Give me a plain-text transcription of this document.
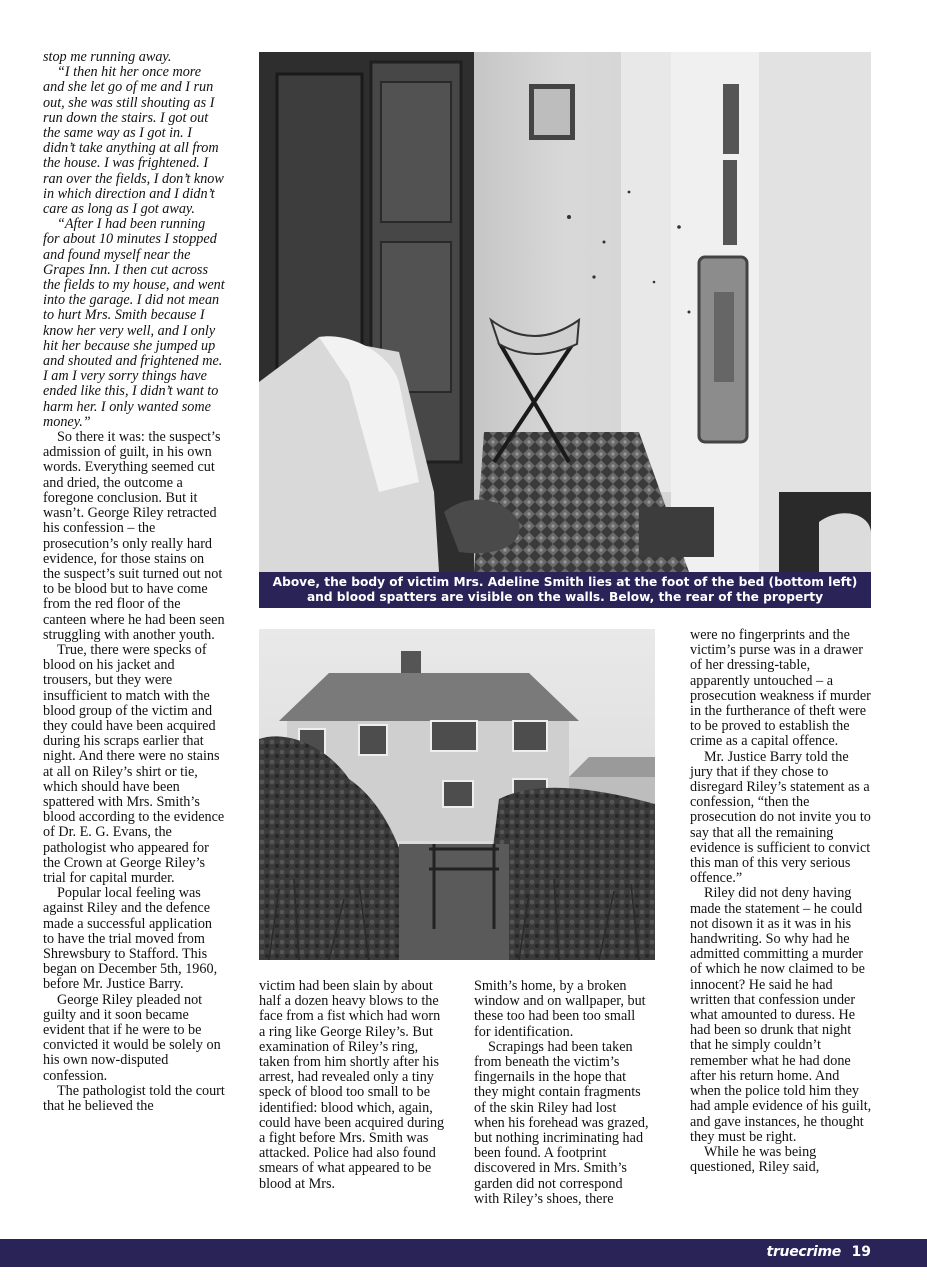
stop me running away.

“I then hit her once more and she let go of me and I run out, she was still shouting as I run down the stairs. I got out the same way as I got in. I didn’t take anything at all from the house. I was frightened. I ran over the fields, I don’t know in which direction and I didn’t care as long as I got away.

“After I had been running for about 10 minutes I stopped and found myself near the Grapes Inn. I then cut across the fields to my house, and went into the garage. I did not mean to hurt Mrs. Smith because I know her very well, and I only hit her because she jumped up and shouted and frightened me. I am I very sorry things have ended like this, I didn’t want to harm her. I only wanted some money.”

So there it was: the suspect’s admission of guilt, in his own words. Everything seemed cut and dried, the outcome a foregone conclusion. But it wasn’t. George Riley retracted his confession – the prosecution’s only really hard evidence, for those stains on the suspect’s suit turned out not to be blood but to have come from the red floor of the canteen where he had been seen struggling with another youth.

True, there were specks of blood on his jacket and trousers, but they were insufficient to match with the blood group of the victim and they could have been acquired during his scraps earlier that night. And there were no stains at all on Riley’s shirt or tie, which should have been spattered with Mrs. Smith’s blood according to the evidence of Dr. E. G. Evans, the pathologist who appeared for the Crown at George Riley’s trial for capital murder.

Popular local feeling was against Riley and the defence made a successful application to have the trial moved from Shrewsbury to Stafford. This began on December 5th, 1960, before Mr. Justice Barry.

George Riley pleaded not guilty and it soon became evident that if he were to be convicted it would be solely on his own now-disputed confession.

The pathologist told the court that he believed the

Above, the body of victim Mrs. Adeline Smith lies at the foot of the bed (bottom left)
and blood spatters are visible on the walls. Below, the rear of the property

victim had been slain by about half a dozen heavy blows to the face from a fist which had worn a ring like George Riley’s. But examination of Riley’s ring, taken from him shortly after his arrest, had revealed only a tiny speck of blood too small to be identified: blood which, again, could have been acquired during a fight before Mrs. Smith was attacked. Police had also found smears of what appeared to be blood at Mrs.

Smith’s home, by a broken window and on wallpaper, but these too had been too small for identification.

Scrapings had been taken from beneath the victim’s fingernails in the hope that they might contain fragments of the skin Riley had lost when his forehead was grazed, but nothing incriminating had been found. A footprint discovered in Mrs. Smith’s garden did not correspond with Riley’s shoes, there

were no fingerprints and the victim’s purse was in a drawer of her dressing-table, apparently untouched – a prosecution weakness if murder in the furtherance of theft were to be proved to establish the crime as a capital offence.

Mr. Justice Barry told the jury that if they chose to disregard Riley’s statement as a confession, “then the prosecution do not invite you to say that all the remaining evidence is sufficient to convict this man of this very serious offence.”

Riley did not deny having made the statement – he could not disown it as it was in his handwriting. So why had he admitted committing a murder of which he now claimed to be innocent? He said he had written that confession under what amounted to duress. He had been so drunk that night that he simply couldn’t remember what he had done after his return home. And when the police told him they had ample evidence of his guilt, and gave instances, he thought they must be right.

While he was being questioned, Riley said,

truecrime 19
